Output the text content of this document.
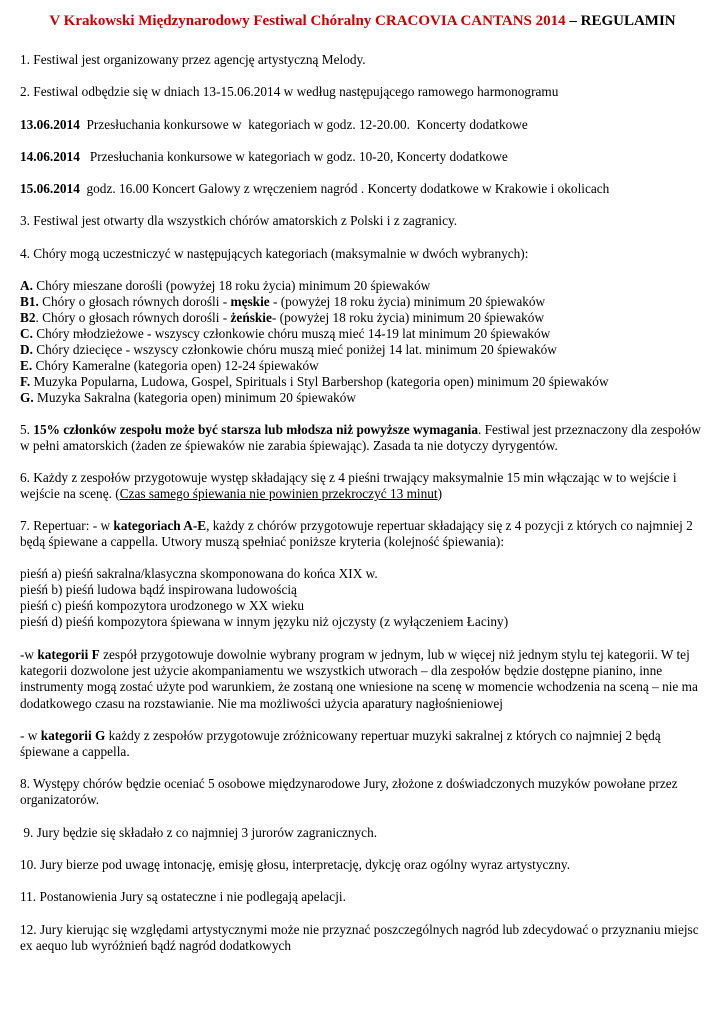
V Krakowski Międzynarodowy Festiwal Chóralny CRACOVIA CANTANS 2014 – REGULAMIN
1. Festiwal jest organizowany przez agencję artystyczną Melody.
2. Festiwal odbędzie się w dniach 13-15.06.2014 w według następującego ramowego harmonogramu
13.06.2014  Przesłuchania konkursowe w  kategoriach w godz. 12-20.00.  Koncerty dodatkowe
14.06.2014   Przesłuchania konkursowe w kategoriach w godz. 10-20, Koncerty dodatkowe
15.06.2014  godz. 16.00 Koncert Galowy z wręczeniem nagród . Koncerty dodatkowe w Krakowie i okolicach
3. Festiwal jest otwarty dla wszystkich chórów amatorskich z Polski i z zagranicy.
4. Chóry mogą uczestniczyć w następujących kategoriach (maksymalnie w dwóch wybranych):
A. Chóry mieszane dorośli (powyżej 18 roku życia) minimum 20 śpiewaków
B1. Chóry o głosach równych dorośli - męskie - (powyżej 18 roku życia) minimum 20 śpiewaków
B2. Chóry o głosach równych dorośli - żeńskie- (powyżej 18 roku życia) minimum 20 śpiewaków
C. Chóry młodzieżowe - wszyscy członkowie chóru muszą mieć 14-19 lat minimum 20 śpiewaków
D. Chóry dziecięce - wszyscy członkowie chóru muszą mieć poniżej 14 lat. minimum 20 śpiewaków
E. Chóry Kameralne (kategoria open) 12-24 śpiewaków
F. Muzyka Popularna, Ludowa, Gospel, Spirituals i Styl Barbershop (kategoria open) minimum 20 śpiewaków
G. Muzyka Sakralna (kategoria open) minimum 20 śpiewaków
5. 15% członków zespołu może być starsza lub młodsza niż powyższe wymagania. Festiwal jest przeznaczony dla zespołów w pełni amatorskich (żaden ze śpiewaków nie zarabia śpiewając). Zasada ta nie dotyczy dyrygentów.
6. Każdy z zespołów przygotowuje występ składający się z 4 pieśni trwający maksymalnie 15 min włączając w to wejście i wejście na scenę. (Czas samego śpiewania nie powinien przekroczyć 13 minut)
7. Repertuar: - w kategoriach A-E, każdy z chórów przygotowuje repertuar składający się z 4 pozycji z których co najmniej 2 będą śpiewane a cappella. Utwory muszą spełniać poniższe kryteria (kolejność śpiewania):
pieśń a) pieśń sakralna/klasyczna skomponowana do końca XIX w.
pieśń b) pieśń ludowa bądź inspirowana ludowością
pieśń c) pieśń kompozytora urodzonego w XX wieku
pieśń d) pieśń kompozytora śpiewana w innym języku niż ojczysty (z wyłączeniem Łaciny)
-w kategorii F zespół przygotowuje dowolnie wybrany program w jednym, lub w więcej niż jednym stylu tej kategorii. W tej kategorii dozwolone jest użycie akompaniamentu we wszystkich utworach – dla zespołów będzie dostępne pianino, inne instrumenty mogą zostać użyte pod warunkiem, że zostaną one wniesione na scenę w momencie wchodzenia na sceną – nie ma dodatkowego czasu na rozstawianie. Nie ma możliwości użycia aparatury nagłośnieniowej
- w kategorii G każdy z zespołów przygotowuje zróżnicowany repertuar muzyki sakralnej z których co najmniej 2 będą śpiewane a cappella.
8. Występy chórów będzie oceniać 5 osobowe międzynarodowe Jury, złożone z doświadczonych muzyków powołane przez organizatorów.
9. Jury będzie się składało z co najmniej 3 jurorów zagranicznych.
10. Jury bierze pod uwagę intonację, emisję głosu, interpretację, dykcję oraz ogólny wyraz artystyczny.
11. Postanowienia Jury są ostateczne i nie podlegają apelacji.
12. Jury kierując się względami artystycznymi może nie przyznać poszczególnych nagród lub zdecydować o przyznaniu miejsc ex aequo lub wyróżnień bądź nagród dodatkowych
